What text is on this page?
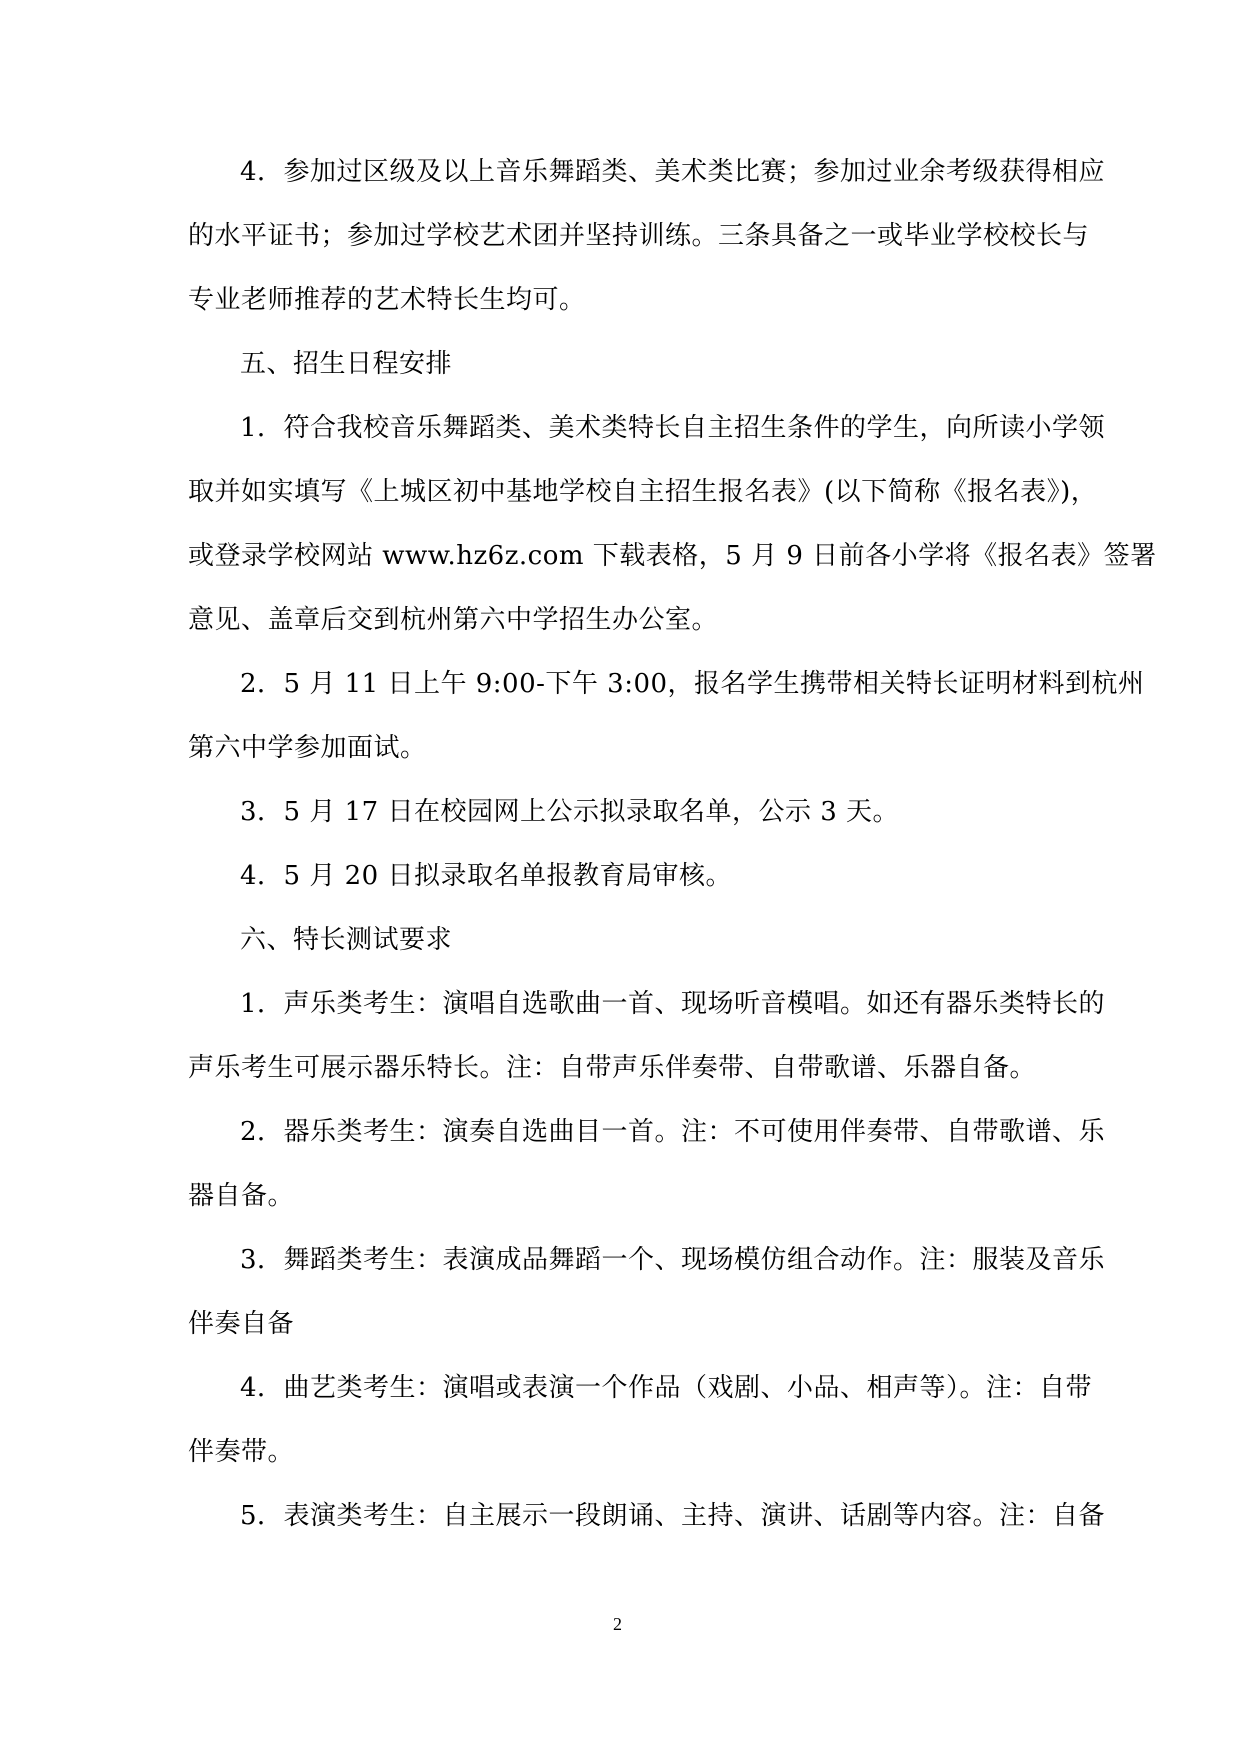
4．参加过区级及以上音乐舞蹈类、美术类比赛；参加过业余考级获得相应
的水平证书；参加过学校艺术团并坚持训练。三条具备之一或毕业学校校长与
专业老师推荐的艺术特长生均可。
五、招生日程安排
1．符合我校音乐舞蹈类、美术类特长自主招生条件的学生，向所读小学领
取并如实填写《上城区初中基地学校自主招生报名表》(以下简称《报名表》)，
或登录学校网站 www.hz6z.com 下载表格，5 月 9 日前各小学将《报名表》签署
意见、盖章后交到杭州第六中学招生办公室。
2．5 月 11 日上午 9:00-下午 3:00，报名学生携带相关特长证明材料到杭州
第六中学参加面试。
3．5 月 17 日在校园网上公示拟录取名单，公示 3 天。
4．5 月 20 日拟录取名单报教育局审核。
六、特长测试要求
1．声乐类考生：演唱自选歌曲一首、现场听音模唱。如还有器乐类特长的
声乐考生可展示器乐特长。注：自带声乐伴奏带、自带歌谱、乐器自备。
2．器乐类考生：演奏自选曲目一首。注：不可使用伴奏带、自带歌谱、乐
器自备。
3．舞蹈类考生：表演成品舞蹈一个、现场模仿组合动作。注：服装及音乐
伴奏自备
4．曲艺类考生：演唱或表演一个作品（戏剧、小品、相声等）。注：自带
伴奏带。
5．表演类考生：自主展示一段朗诵、主持、演讲、话剧等内容。注：自备
2
